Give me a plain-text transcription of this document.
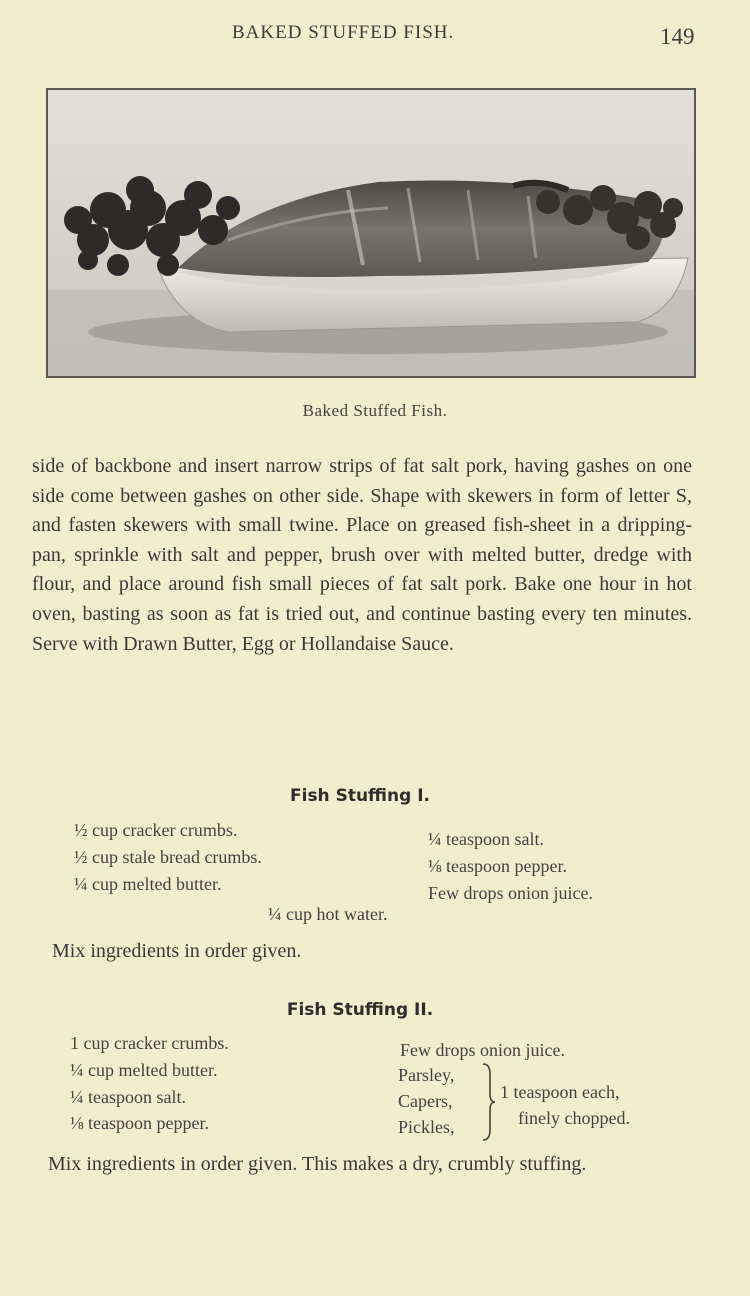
BAKED STUFFED FISH.	149
Baked Stuffed Fish.
side of backbone and insert narrow strips of fat salt pork, having gashes on one side come between gashes on other side. Shape with skewers in form of letter S, and fasten skewers with small twine. Place on greased fish-sheet in a dripping-pan, sprinkle with salt and pepper, brush over with melted butter, dredge with flour, and place around fish small pieces of fat salt pork. Bake one hour in hot oven, basting as soon as fat is tried out, and continue basting every ten minutes. Serve with Drawn Butter, Egg or Hollandaise Sauce.
Fish Stuffing I.
½ cup cracker crumbs.
½ cup stale bread crumbs.
¼ cup melted butter.
¼ teaspoon salt.
⅛ teaspoon pepper.
Few drops onion juice.
¼ cup hot water.
Mix ingredients in order given.
Fish Stuffing II.
1 cup cracker crumbs.
¼ cup melted butter.
¼ teaspoon salt.
⅛ teaspoon pepper.
Few drops onion juice.
Parsley,
Capers,
Pickles,
1 teaspoon each,
finely chopped.
Mix ingredients in order given. This makes a dry, crumbly stuffing.
